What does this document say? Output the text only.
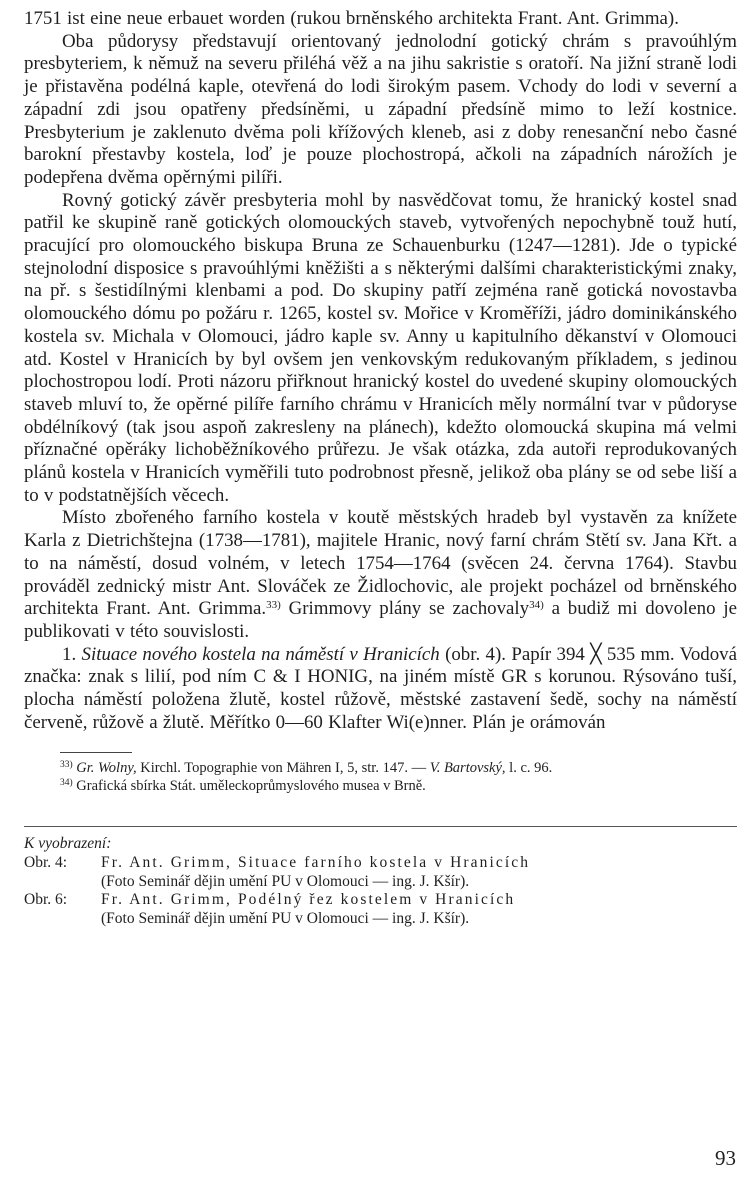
1751 ist eine neue erbauet worden (rukou brněnského architekta Frant. Ant. Grimma).

Oba půdorysy představují orientovaný jednolodní gotický chrám s pravoúhlým presbyteriem, k němuž na severu přiléhá věž a na jihu sakristie s oratoří. Na jižní straně lodi je přistavěna podélná kaple, otevřená do lodi širokým pasem. Vchody do lodi v severní a západní zdi jsou opatřeny předsíněmi, u západní předsíně mimo to leží kostnice. Presbyterium je zaklenuto dvěma poli křížových kleneb, asi z doby renesanční nebo časné barokní přestavby kostela, loď je pouze plochostropá, ačkoli na západních nárožích je podepřena dvěma opěrnými pilíři.

Rovný gotický závěr presbyteria mohl by nasvědčovat tomu, že hranický kostel snad patřil ke skupině raně gotických olomouckých staveb, vytvořených nepochybně touž hutí, pracující pro olomouckého biskupa Bruna ze Schauenburku (1247—1281). Jde o typické stejnolodní disposice s pravoúhlými kněžišti a s některými dalšími charakteristickými znaky, na př. s šestidílnými klenbami a pod. Do skupiny patří zejména raně gotická novostavba olomouckého dómu po požáru r. 1265, kostel sv. Mořice v Kroměříži, jádro dominikánského kostela sv. Michala v Olomouci, jádro kaple sv. Anny u kapitulního děkanství v Olomouci atd. Kostel v Hranicích by byl ovšem jen venkovským redukovaným příkladem, s jedinou plochostropou lodí. Proti názoru přiřknout hranický kostel do uvedené skupiny olomouckých staveb mluví to, že opěrné pilíře farního chrámu v Hranicích měly normální tvar v půdoryse obdélníkový (tak jsou aspoň zakresleny na plánech), kdežto olomoucká skupina má velmi příznačné opěráky lichoběžníkového průřezu. Je však otázka, zda autoři reprodukovaných plánů kostela v Hranicích vyměřili tuto podrobnost přesně, jelikož oba plány se od sebe liší a to v podstatnějších věcech.

Místo zbořeného farního kostela v koutě městských hradeb byl vystavěn za knížete Karla z Dietrichštejna (1738—1781), majitele Hranic, nový farní chrám Stětí sv. Jana Křt. a to na náměstí, dosud volném, v letech 1754—1764 (svěcen 24. června 1764). Stavbu prováděl zednický mistr Ant. Slováček ze Židlochovic, ale projekt pocházel od brněnského architekta Frant. Ant. Grimma.$^{33)}$ Grimmovy plány se zachovaly$^{34)}$ a budiž mi dovoleno je publikovati v této souvislosti.

1. Situace nového kostela na náměstí v Hranicích (obr. 4). Papír 394 ╳ 535 mm. Vodová značka: znak s lilií, pod ním C & I HONIG, na jiném místě GR s korunou. Rýsováno tuší, plocha náměstí položena žlutě, kostel růžově, městské zastavení šedě, sochy na náměstí červeně, růžově a žlutě. Měřítko 0—60 Klafter Wi(e)nner. Plán je orámován

$^{33)}$ Gr. Wolny, Kirchl. Topographie von Mähren I, 5, str. 147. — V. Bartovský, l. c. 96.

$^{34)}$ Grafická sbírka Stát. uměleckoprůmyslového musea v Brně.

K vyobrazení:
Obr. 4:	Fr. Ant. Grimm, Situace farního kostela v Hranicích
(Foto Seminář dějin umění PU v Olomouci — ing. J. Kšír).
Obr. 6:	Fr. Ant. Grimm, Podélný řez kostelem v Hranicích
(Foto Seminář dějin umění PU v Olomouci — ing. J. Kšír).
93
